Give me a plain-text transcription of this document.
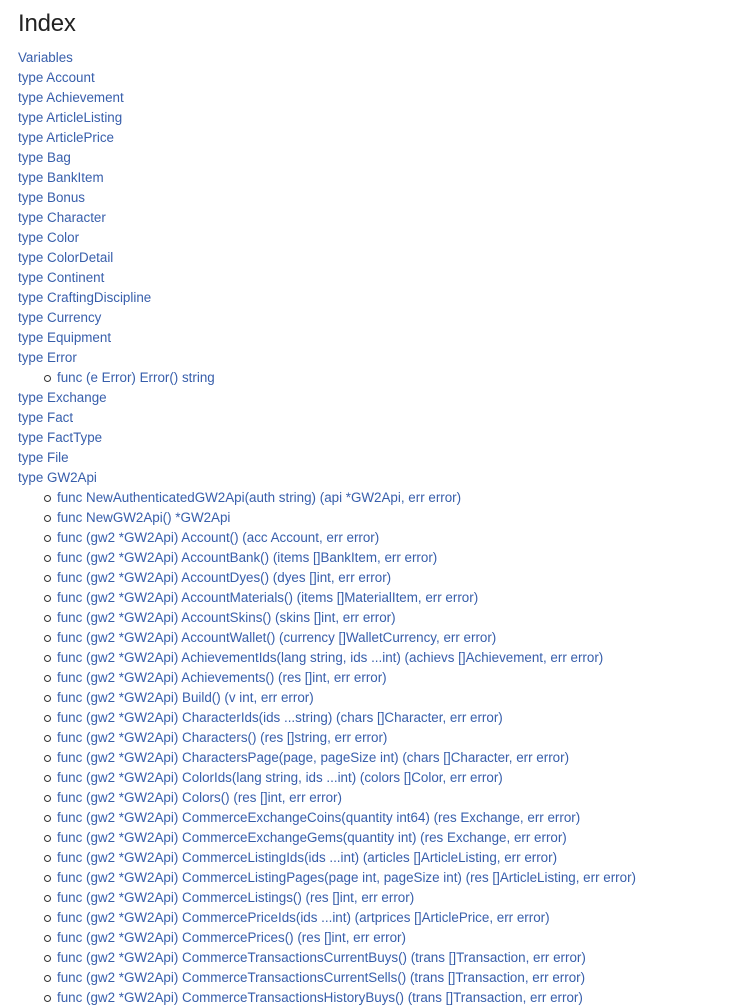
Index
Variables
type Account
type Achievement
type ArticleListing
type ArticlePrice
type Bag
type BankItem
type Bonus
type Character
type Color
type ColorDetail
type Continent
type CraftingDiscipline
type Currency
type Equipment
type Error
func (e Error) Error() string
type Exchange
type Fact
type FactType
type File
type GW2Api
func NewAuthenticatedGW2Api(auth string) (api *GW2Api, err error)
func NewGW2Api() *GW2Api
func (gw2 *GW2Api) Account() (acc Account, err error)
func (gw2 *GW2Api) AccountBank() (items []BankItem, err error)
func (gw2 *GW2Api) AccountDyes() (dyes []int, err error)
func (gw2 *GW2Api) AccountMaterials() (items []MaterialItem, err error)
func (gw2 *GW2Api) AccountSkins() (skins []int, err error)
func (gw2 *GW2Api) AccountWallet() (currency []WalletCurrency, err error)
func (gw2 *GW2Api) AchievementIds(lang string, ids ...int) (achievs []Achievement, err error)
func (gw2 *GW2Api) Achievements() (res []int, err error)
func (gw2 *GW2Api) Build() (v int, err error)
func (gw2 *GW2Api) CharacterIds(ids ...string) (chars []Character, err error)
func (gw2 *GW2Api) Characters() (res []string, err error)
func (gw2 *GW2Api) CharactersPage(page, pageSize int) (chars []Character, err error)
func (gw2 *GW2Api) ColorIds(lang string, ids ...int) (colors []Color, err error)
func (gw2 *GW2Api) Colors() (res []int, err error)
func (gw2 *GW2Api) CommerceExchangeCoins(quantity int64) (res Exchange, err error)
func (gw2 *GW2Api) CommerceExchangeGems(quantity int) (res Exchange, err error)
func (gw2 *GW2Api) CommerceListingIds(ids ...int) (articles []ArticleListing, err error)
func (gw2 *GW2Api) CommerceListingPages(page int, pageSize int) (res []ArticleListing, err error)
func (gw2 *GW2Api) CommerceListings() (res []int, err error)
func (gw2 *GW2Api) CommercePriceIds(ids ...int) (artprices []ArticlePrice, err error)
func (gw2 *GW2Api) CommercePrices() (res []int, err error)
func (gw2 *GW2Api) CommerceTransactionsCurrentBuys() (trans []Transaction, err error)
func (gw2 *GW2Api) CommerceTransactionsCurrentSells() (trans []Transaction, err error)
func (gw2 *GW2Api) CommerceTransactionsHistoryBuys() (trans []Transaction, err error)
